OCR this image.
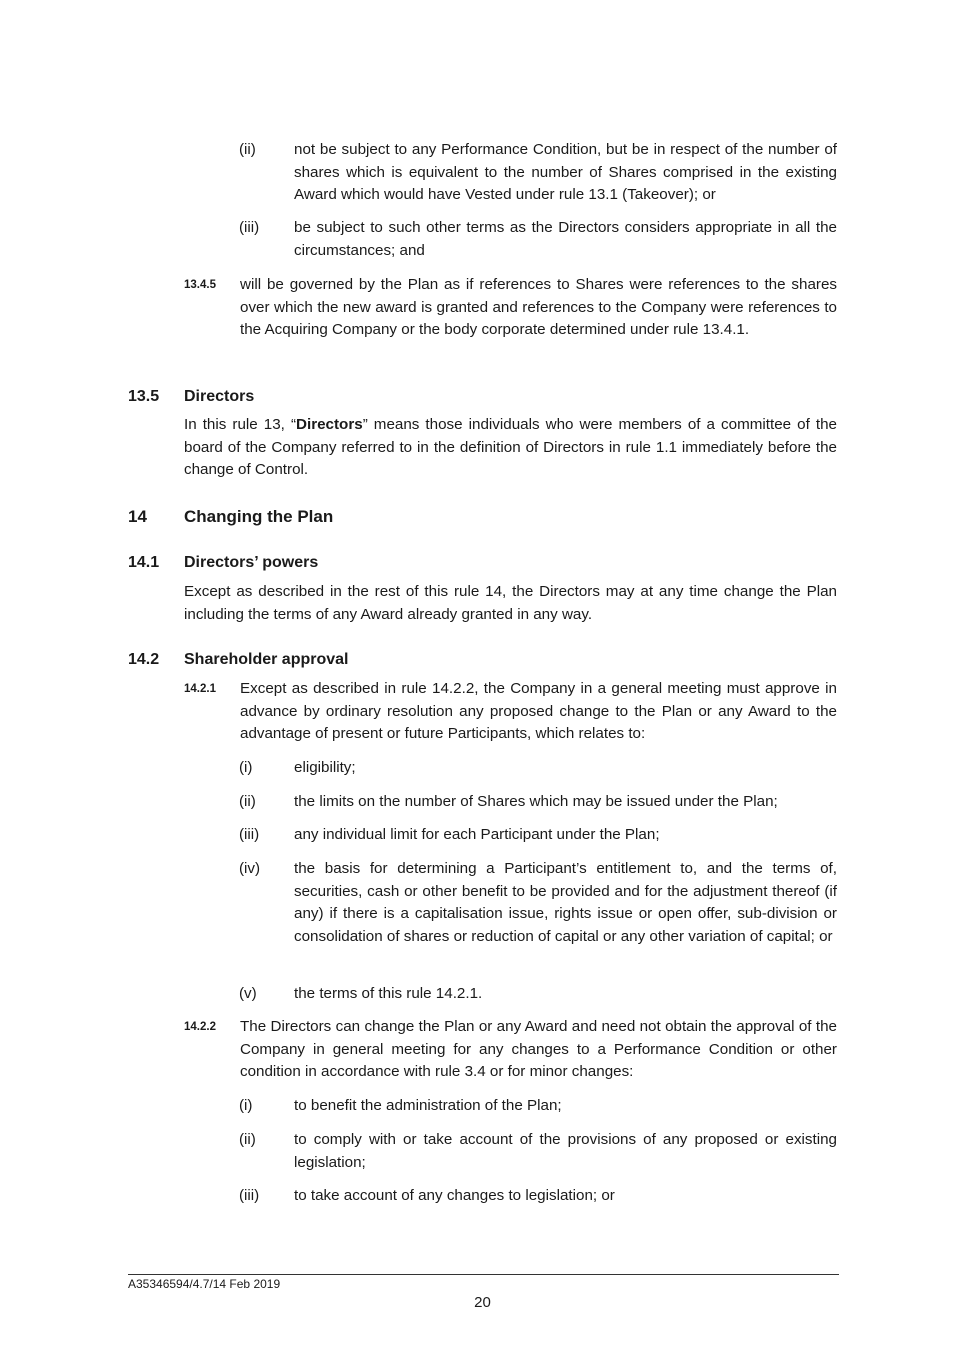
(ii)	not be subject to any Performance Condition, but be in respect of the number of shares which is equivalent to the number of Shares comprised in the existing Award which would have Vested under rule 13.1 (Takeover); or
(iii) be subject to such other terms as the Directors considers appropriate in all the circumstances; and
13.4.5 will be governed by the Plan as if references to Shares were references to the shares over which the new award is granted and references to the Company were references to the Acquiring Company or the body corporate determined under rule 13.4.1.
13.5 Directors
In this rule 13, “Directors” means those individuals who were members of a committee of the board of the Company referred to in the definition of Directors in rule 1.1 immediately before the change of Control.
14 Changing the Plan
14.1 Directors’ powers
Except as described in the rest of this rule 14, the Directors may at any time change the Plan including the terms of any Award already granted in any way.
14.2 Shareholder approval
14.2.1 Except as described in rule 14.2.2, the Company in a general meeting must approve in advance by ordinary resolution any proposed change to the Plan or any Award to the advantage of present or future Participants, which relates to:
(i)	eligibility;
(ii)	the limits on the number of Shares which may be issued under the Plan;
(iii) any individual limit for each Participant under the Plan;
(iv) the basis for determining a Participant’s entitlement to, and the terms of, securities, cash or other benefit to be provided and for the adjustment thereof (if any) if there is a capitalisation issue, rights issue or open offer, sub-division or consolidation of shares or reduction of capital or any other variation of capital; or
(v) the terms of this rule 14.2.1.
14.2.2 The Directors can change the Plan or any Award and need not obtain the approval of the Company in general meeting for any changes to a Performance Condition or other condition in accordance with rule 3.4 or for minor changes:
(i)	to benefit the administration of the Plan;
(ii)	to comply with or take account of the provisions of any proposed or existing legislation;
(iii) to take account of any changes to legislation; or
A35346594/4.7/14 Feb 2019
20
